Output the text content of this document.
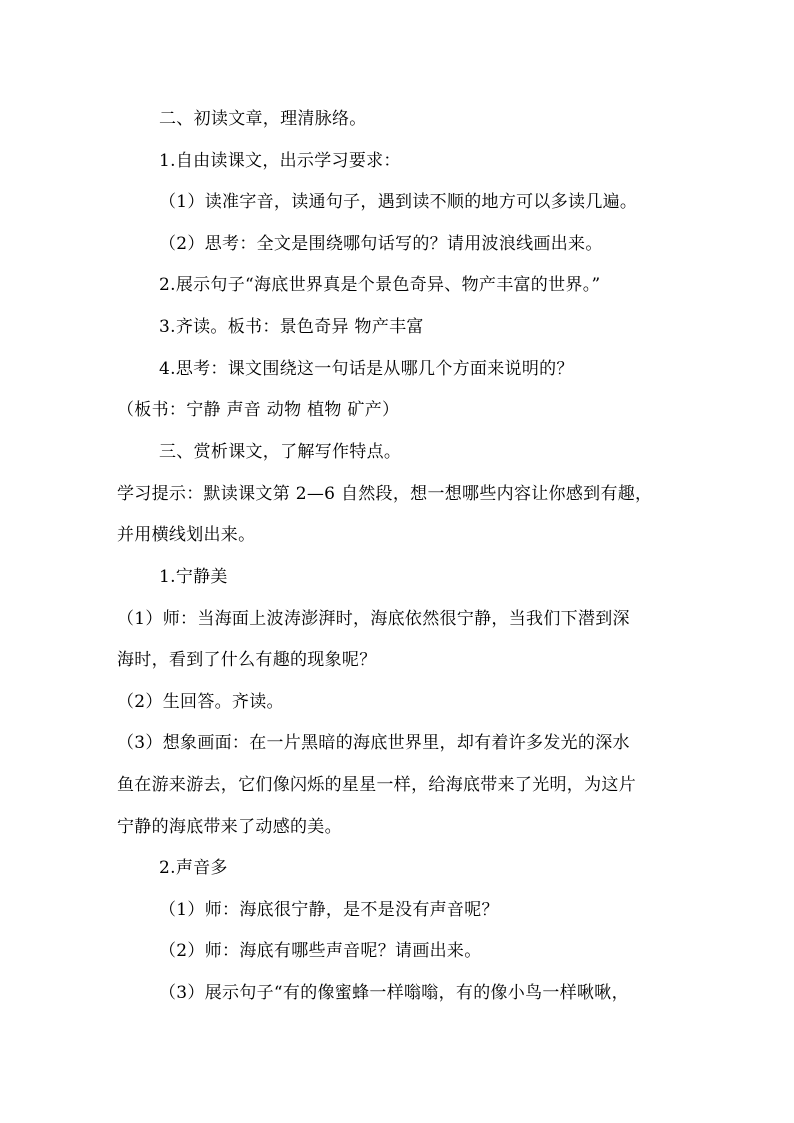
二、初读文章，理清脉络。
1.自由读课文，出示学习要求：
（1）读准字音，读通句子，遇到读不顺的地方可以多读几遍。
（2）思考：全文是围绕哪句话写的？请用波浪线画出来。
2.展示句子“海底世界真是个景色奇异、物产丰富的世界。”
3.齐读。板书：景色奇异 物产丰富
4.思考：课文围绕这一句话是从哪几个方面来说明的？
（板书：宁静 声音 动物 植物 矿产）
三、赏析课文，了解写作特点。
学习提示：默读课文第 2—6 自然段，想一想哪些内容让你感到有趣，
并用横线划出来。
1.宁静美
（1）师：当海面上波涛澎湃时，海底依然很宁静，当我们下潜到深
海时，看到了什么有趣的现象呢？
（2）生回答。齐读。
（3）想象画面：在一片黑暗的海底世界里，却有着许多发光的深水
鱼在游来游去，它们像闪烁的星星一样，给海底带来了光明，为这片
宁静的海底带来了动感的美。
2.声音多
（1）师：海底很宁静，是不是没有声音呢？
（2）师：海底有哪些声音呢？请画出来。
（3）展示句子“有的像蜜蜂一样嗡嗡，有的像小鸟一样啾啾，
